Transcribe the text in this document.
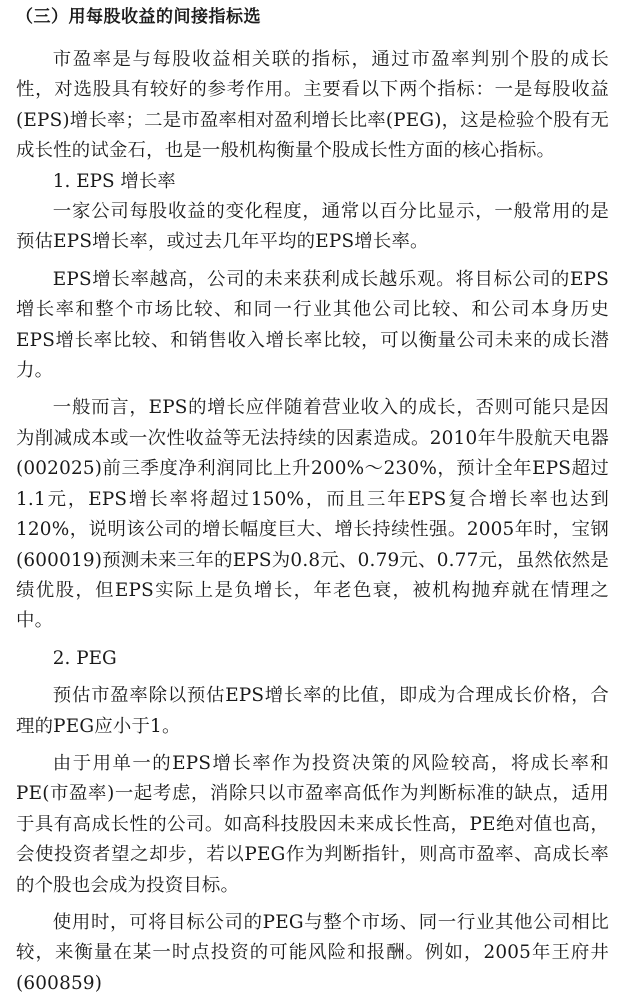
（三）用每股收益的间接指标选

市盈率是与每股收益相关联的指标，通过市盈率判别个股的成长性，对选股具有较好的参考作用。主要看以下两个指标：一是每股收益(EPS)增长率；二是市盈率相对盈利增长比率(PEG)，这是检验个股有无成长性的试金石，也是一般机构衡量个股成长性方面的核心指标。

1. EPS 增长率

一家公司每股收益的变化程度，通常以百分比显示，一般常用的是预估EPS增长率，或过去几年平均的EPS增长率。

EPS增长率越高，公司的未来获利成长越乐观。将目标公司的EPS增长率和整个市场比较、和同一行业其他公司比较、和公司本身历史EPS增长率比较、和销售收入增长率比较，可以衡量公司未来的成长潜力。

一般而言，EPS的增长应伴随着营业收入的成长，否则可能只是因为削减成本或一次性收益等无法持续的因素造成。2010年牛股航天电器(002025)前三季度净利润同比上升200%～230%，预计全年EPS超过1.1元，EPS增长率将超过150%，而且三年EPS复合增长率也达到120%，说明该公司的增长幅度巨大、增长持续性强。2005年时，宝钢(600019)预测未来三年的EPS为0.8元、0.79元、0.77元，虽然依然是绩优股，但EPS实际上是负增长，年老色衰，被机构抛弃就在情理之中。

2. PEG

预估市盈率除以预估EPS增长率的比值，即成为合理成长价格，合理的PEG应小于1。

由于用单一的EPS增长率作为投资决策的风险较高，将成长率和PE(市盈率)一起考虑，消除只以市盈率高低作为判断标准的缺点，适用于具有高成长性的公司。如高科技股因未来成长性高，PE绝对值也高，会使投资者望之却步，若以PEG作为判断指针，则高市盈率、高成长率的个股也会成为投资目标。

使用时，可将目标公司的PEG与整个市场、同一行业其他公司相比较，来衡量在某一时点投资的可能风险和报酬。例如，2005年王府井(600859)
